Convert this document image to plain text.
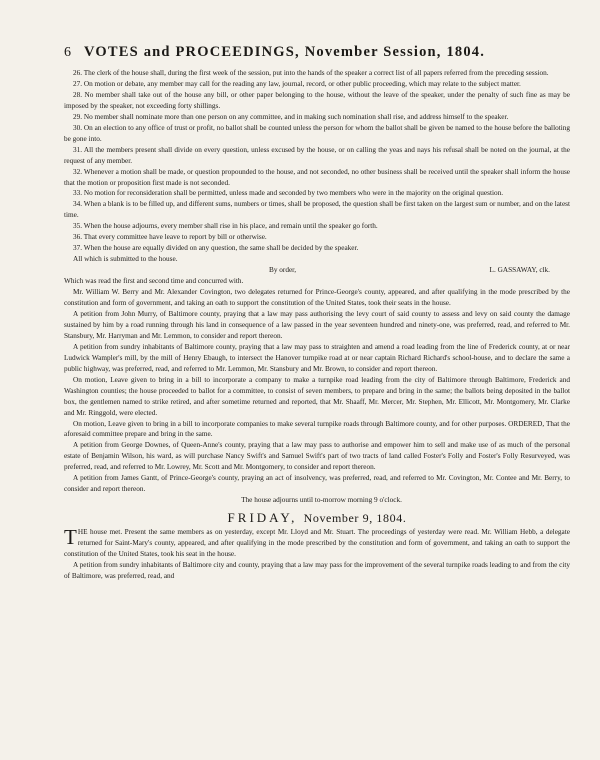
6 VOTES and PROCEEDINGS, November Session, 1804.

26. The clerk of the house shall, during the first week of the session, put into the hands of the speaker a correct list of all papers referred from the preceding session.

27. On motion or debate, any member may call for the reading any law, journal, record, or other public proceeding, which may relate to the subject matter.

28. No member shall take out of the house any bill, or other paper belonging to the house, without the leave of the speaker, under the penalty of such fine as may be imposed by the speaker, not exceeding forty shillings.

29. No member shall nominate more than one person on any committee, and in making such nomination shall rise, and address himself to the speaker.

30. On an election to any office of trust or profit, no ballot shall be counted unless the person for whom the ballot shall be given be named to the house before the balloting be gone into.

31. All the members present shall divide on every question, unless excused by the house, or on calling the yeas and nays his refusal shall be noted on the journal, at the request of any member.

32. Whenever a motion shall be made, or question propounded to the house, and not seconded, no other business shall be received until the speaker shall inform the house that the motion or proposition first made is not seconded.

33. No motion for reconsideration shall be permitted, unless made and seconded by two members who were in the majority on the original question.

34. When a blank is to be filled up, and different sums, numbers or times, shall be proposed, the question shall be first taken on the largest sum or number, and on the latest time.

35. When the house adjourns, every member shall rise in his place, and remain until the speaker go forth.

36. That every committee have leave to report by bill or otherwise.

37. When the house are equally divided on any question, the same shall be decided by the speaker.

All which is submitted to the house.

By order,	L. GASSAWAY, clk.

Which was read the first and second time and concurred with.

Mr. William W. Berry and Mr. Alexander Covington, two delegates returned for Prince-George's county, appeared, and after qualifying in the mode prescribed by the constitution and form of government, and taking an oath to support the constitution of the United States, took their seats in the house.

A petition from John Murry, of Baltimore county, praying that a law may pass authorising the levy court of said county to assess and levy on said county the damage sustained by him by a road running through his land in consequence of a law passed in the year seventeen hundred and ninety-one, was preferred, read, and referred to Mr. Stansbury, Mr. Harryman and Mr. Lemmon, to consider and report thereon.

A petition from sundry inhabitants of Baltimore county, praying that a law may pass to straighten and amend a road leading from the line of Frederick county, at or near Ludwick Wampler's mill, by the mill of Henry Ebaugh, to intersect the Hanover turnpike road at or near captain Richard Richard's school-house, and to declare the same a public highway, was preferred, read, and referred to Mr. Lemmon, Mr. Stansbury and Mr. Brown, to consider and report thereon.

On motion, Leave given to bring in a bill to incorporate a company to make a turnpike road leading from the city of Baltimore through Baltimore, Frederick and Washington counties; the house proceeded to ballot for a committee, to consist of seven members, to prepare and bring in the same; the ballots being deposited in the ballot box, the gentlemen named to strike retired, and after sometime returned and reported, that Mr. Shaaff, Mr. Mercer, Mr. Stephen, Mr. Ellicott, Mr. Montgomery, Mr. Clarke and Mr. Ringgold, were elected.

On motion, Leave given to bring in a bill to incorporate companies to make several turnpike roads through Baltimore county, and for other purposes. ORDERED, That the aforesaid committee prepare and bring in the same.

A petition from George Downes, of Queen-Anne's county, praying that a law may pass to authorise and empower him to sell and make use of as much of the personal estate of Benjamin Wilson, his ward, as will purchase Nancy Swift's and Samuel Swift's part of two tracts of land called Foster's Folly and Foster's Folly Resurveyed, was preferred, read, and referred to Mr. Lowrey, Mr. Scott and Mr. Montgomery, to consider and report thereon.

A petition from James Gantt, of Prince-George's county, praying an act of insolvency, was preferred, read, and referred to Mr. Covington, Mr. Contee and Mr. Berry, to consider and report thereon.

The house adjourns until to-morrow morning 9 o'clock.

FRIDAY, November 9, 1804.

THE house met. Present the same members as on yesterday, except Mr. Lloyd and Mr. Stuart. The proceedings of yesterday were read. Mr. William Hebb, a delegate returned for Saint-Mary's county, appeared, and after qualifying in the mode prescribed by the constitution and form of government, and taking an oath to support the constitution of the United States, took his seat in the house.

A petition from sundry inhabitants of Baltimore city and county, praying that a law may pass for the improvement of the several turnpike roads leading to and from the city of Baltimore, was preferred, read, and
